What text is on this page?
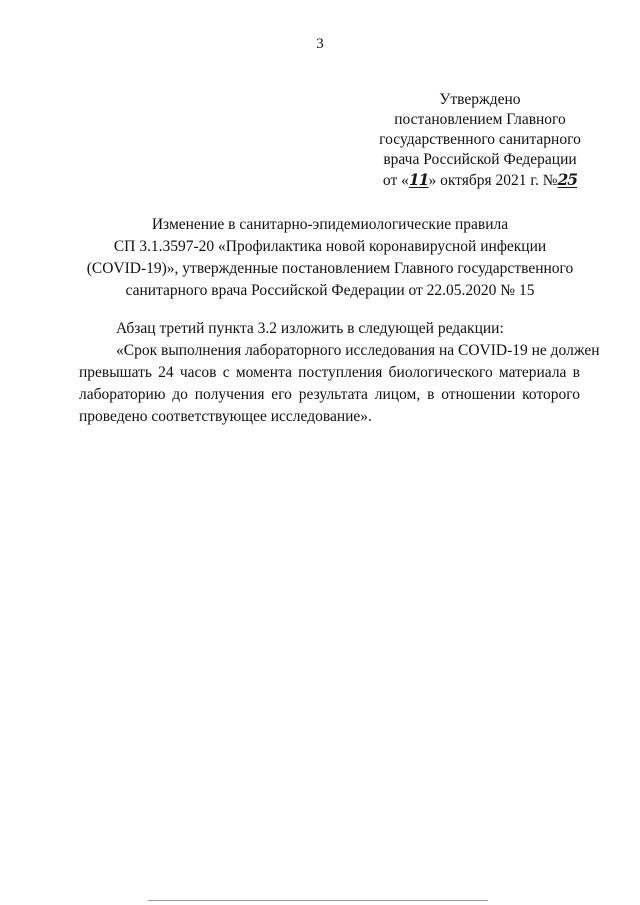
3
Утверждено
постановлением Главного
государственного санитарного
врача Российской Федерации
от «11» октября 2021 г. №25
Изменение в санитарно-эпидемиологические правила
СП 3.1.3597-20 «Профилактика новой коронавирусной инфекции
(COVID-19)», утвержденные постановлением Главного государственного
санитарного врача Российской Федерации от 22.05.2020 № 15

Абзац третий пункта 3.2 изложить в следующей редакции:

«Срок выполнения лабораторного исследования на COVID-19 не должен
превышать 24 часов с момента поступления биологического материала в
лабораторию до получения его результата лицом, в отношении которого
проведено соответствующее исследование».
